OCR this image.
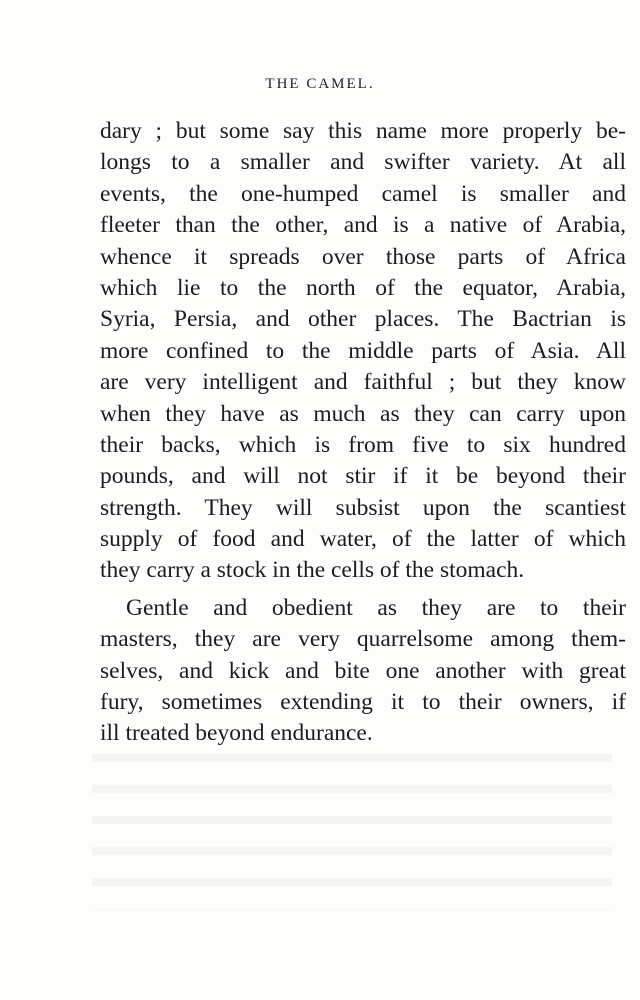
THE CAMEL.
dary ; but some say this name more properly be-
longs to a smaller and swifter variety. At all
events, the one-humped camel is smaller and
fleeter than the other, and is a native of Arabia,
whence it spreads over those parts of Africa
which lie to the north of the equator, Arabia,
Syria, Persia, and other places. The Bactrian is
more confined to the middle parts of Asia. All
are very intelligent and faithful ; but they know
when they have as much as they can carry upon
their backs, which is from five to six hundred
pounds, and will not stir if it be beyond their
strength. They will subsist upon the scantiest
supply of food and water, of the latter of which
they carry a stock in the cells of the stomach.
Gentle and obedient as they are to their
masters, they are very quarrelsome among them-
selves, and kick and bite one another with great
fury, sometimes extending it to their owners, if
ill treated beyond endurance.
